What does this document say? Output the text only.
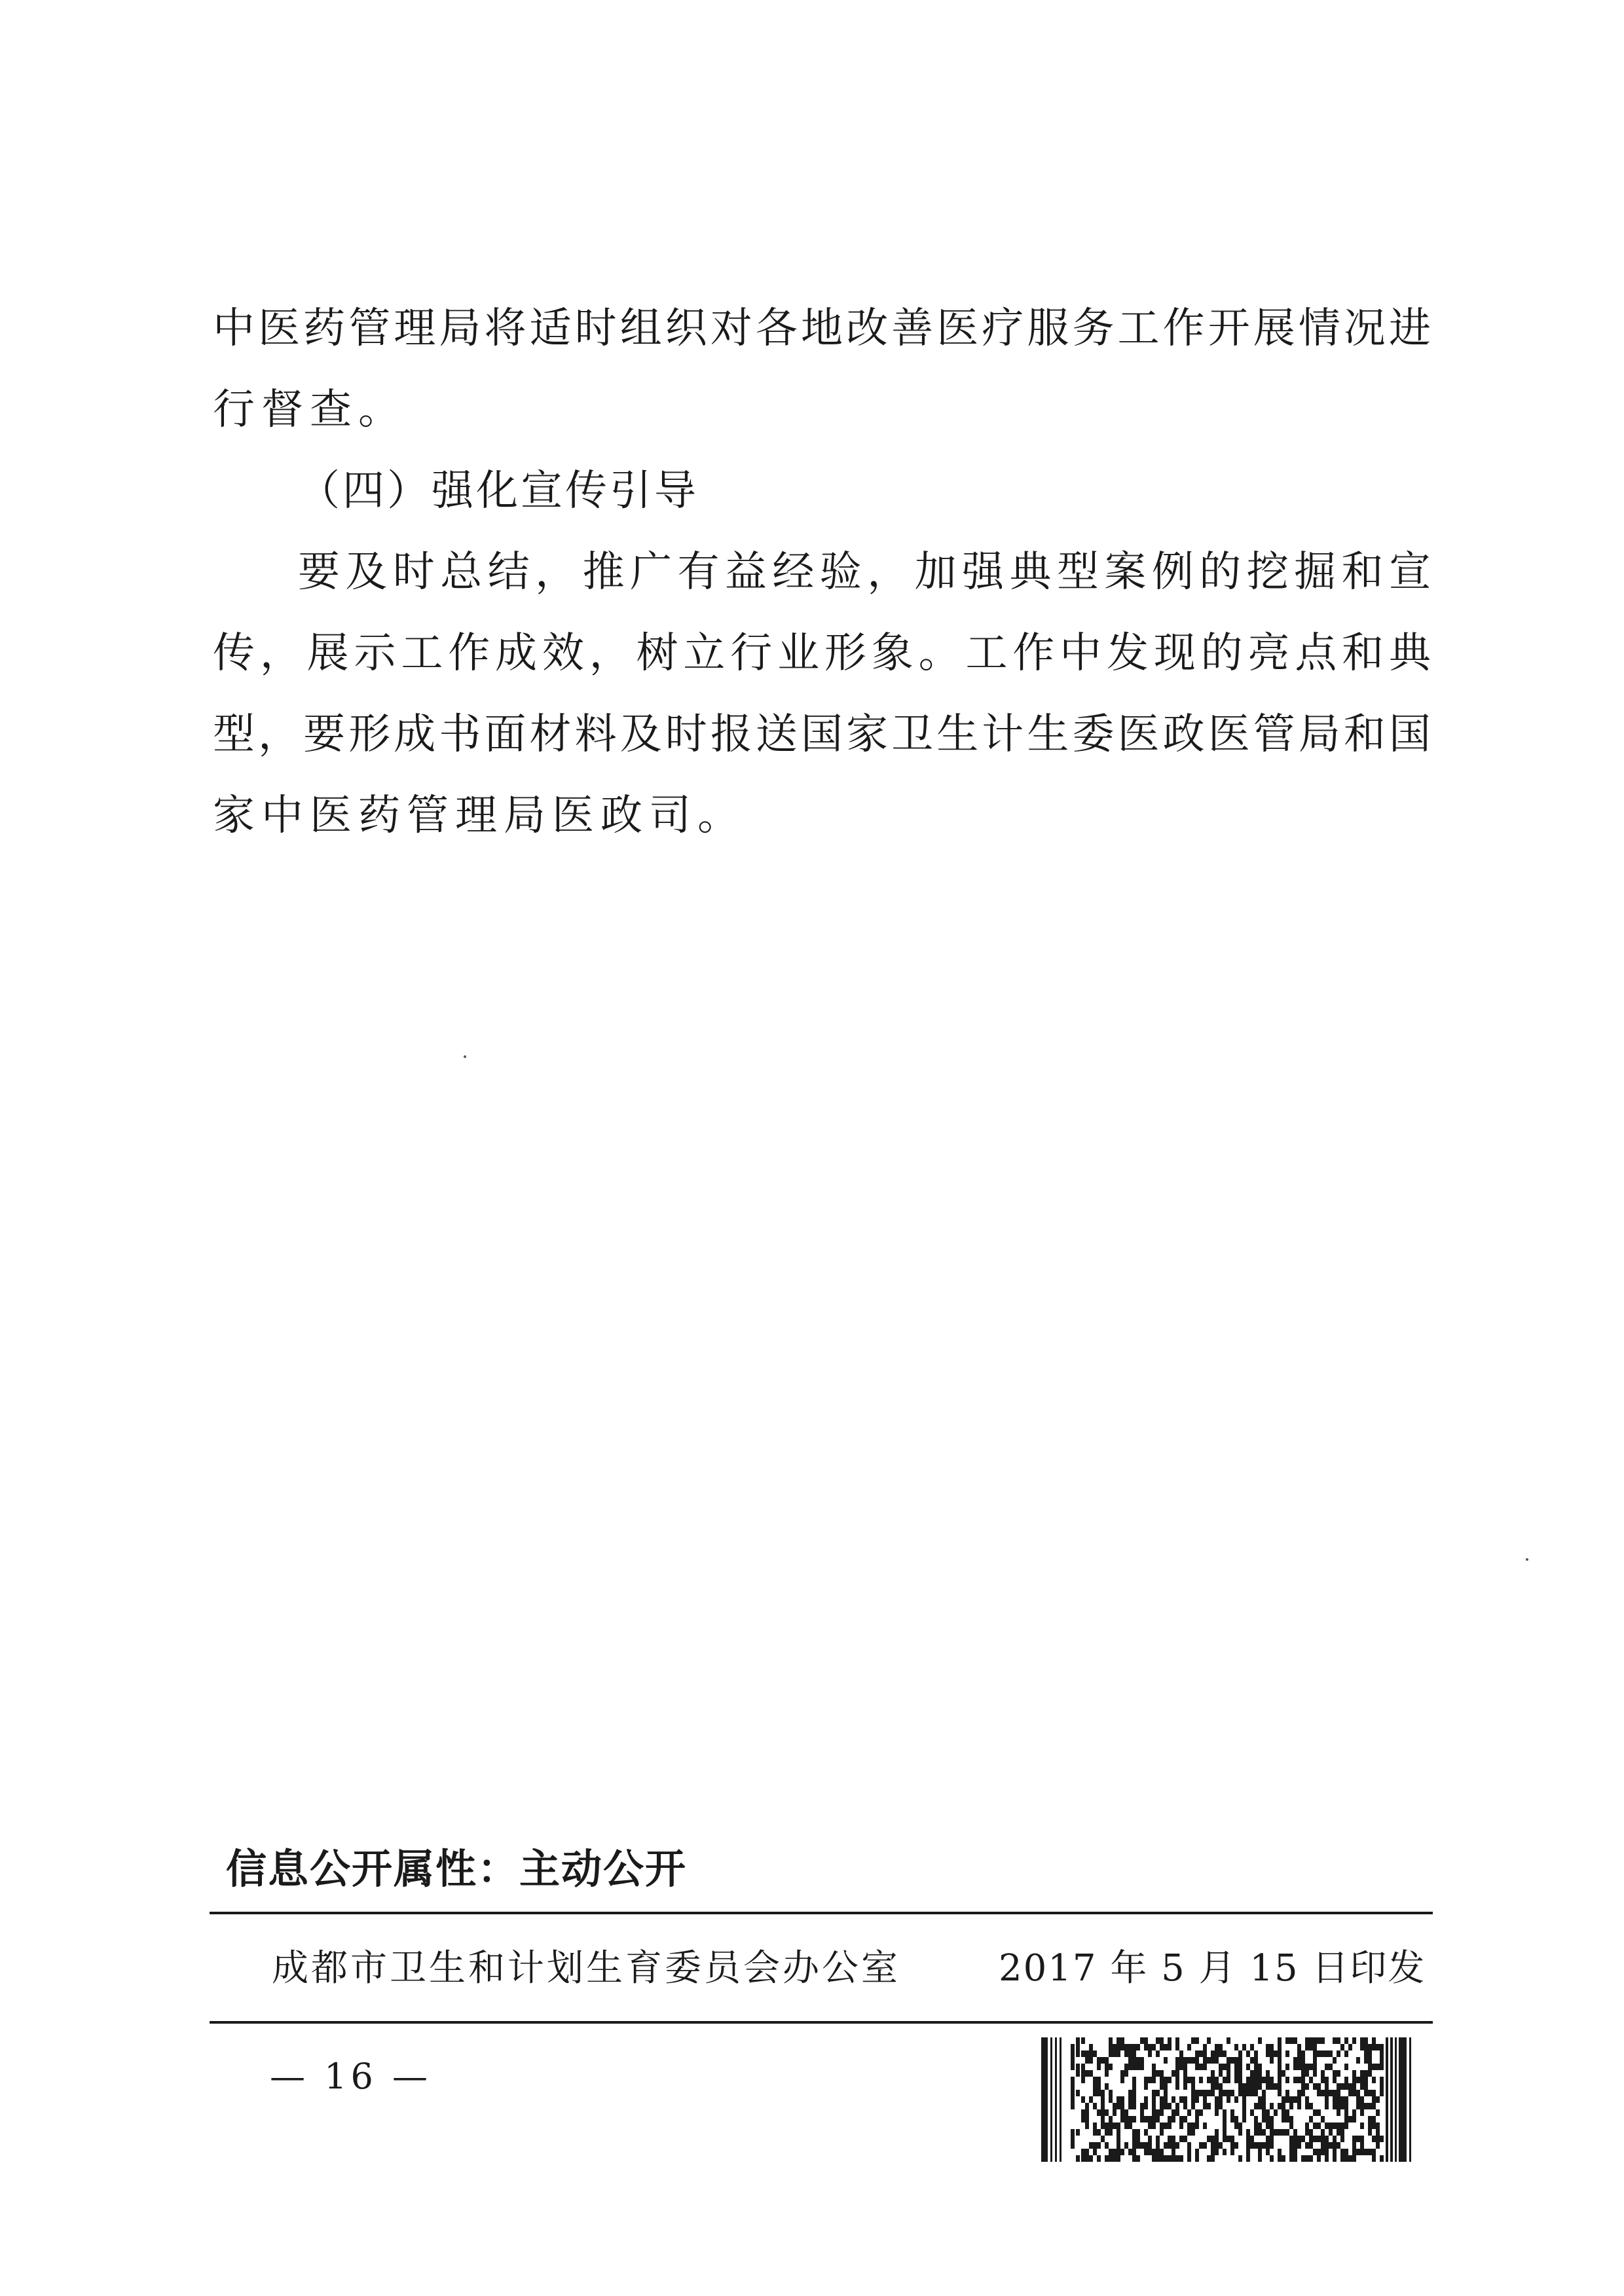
中医药管理局将适时组织对各地改善医疗服务工作开展情况进
行督查。
（四）强化宣传引导
要及时总结，推广有益经验，加强典型案例的挖掘和宣
传，展示工作成效，树立行业形象。工作中发现的亮点和典
型，要形成书面材料及时报送国家卫生计生委医政医管局和国
家中医药管理局医政司。
信息公开属性：主动公开
成都市卫生和计划生育委员会办公室	2017 年 5 月 15 日印发
— 16 —
